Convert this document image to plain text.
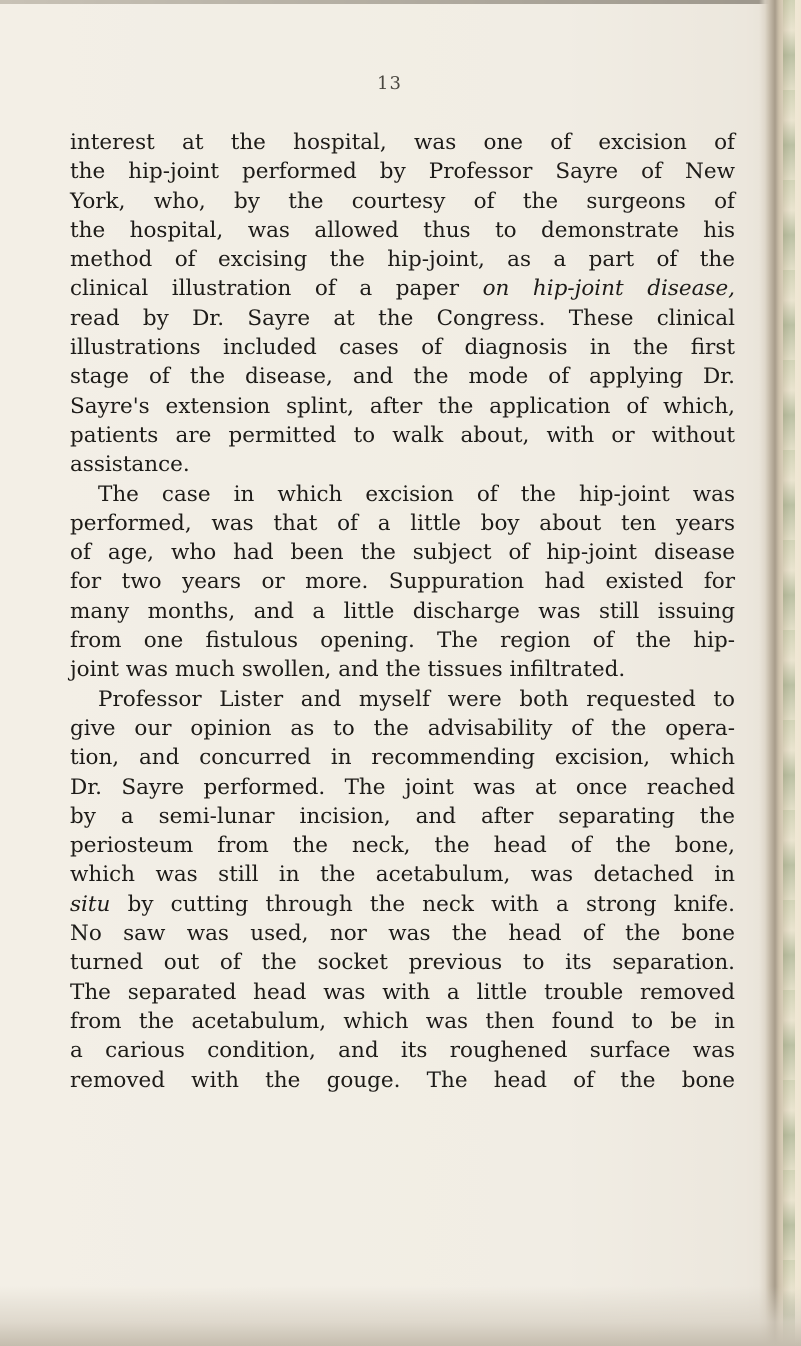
13
interest at the hospital, was one of excision of
the hip-joint performed by Professor Sayre of New
York, who, by the courtesy of the surgeons of
the hospital, was allowed thus to demonstrate his
method of excising the hip-joint, as a part of the
clinical illustration of a paper on hip-joint disease,
read by Dr. Sayre at the Congress. These clinical
illustrations included cases of diagnosis in the first
stage of the disease, and the mode of applying Dr.
Sayre's extension splint, after the application of which,
patients are permitted to walk about, with or without
assistance.
The case in which excision of the hip-joint was
performed, was that of a little boy about ten years
of age, who had been the subject of hip-joint disease
for two years or more. Suppuration had existed for
many months, and a little discharge was still issuing
from one fistulous opening. The region of the hip-
joint was much swollen, and the tissues infiltrated.
Professor Lister and myself were both requested to
give our opinion as to the advisability of the opera-
tion, and concurred in recommending excision, which
Dr. Sayre performed. The joint was at once reached
by a semi-lunar incision, and after separating the
periosteum from the neck, the head of the bone,
which was still in the acetabulum, was detached in
situ by cutting through the neck with a strong knife.
No saw was used, nor was the head of the bone
turned out of the socket previous to its separation.
The separated head was with a little trouble removed
from the acetabulum, which was then found to be in
a carious condition, and its roughened surface was
removed with the gouge. The head of the bone
